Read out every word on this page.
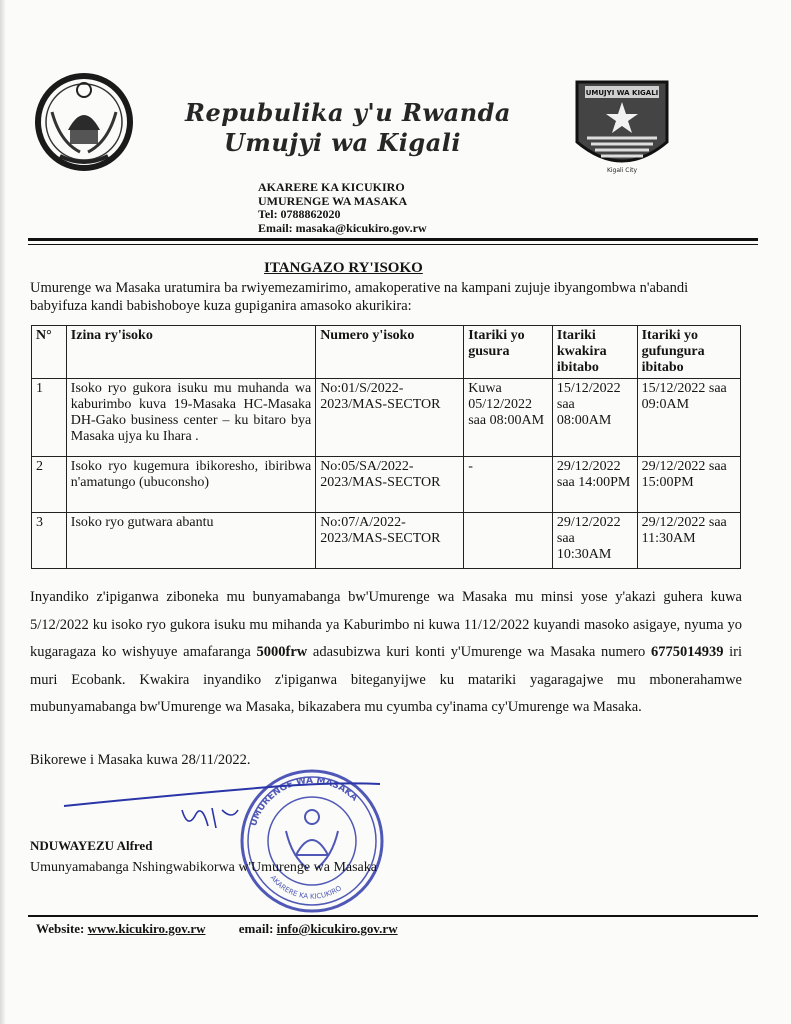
Repubulika y'u Rwanda
Umujyi wa Kigali
UMUJYI WA KIGALI
Kigali City
AKARERE KA KICUKIRO
UMURENGE WA MASAKA
Tel: 0788862020
Email: masaka@kicukiro.gov.rw
ITANGAZO RY'ISOKO
Umurenge wa Masaka uratumira ba rwiyemezamirimo, amakoperative na kampani zujuje ibyangombwa n'abandi babyifuza kandi babishoboye kuza gupiganira amasoko akurikira:
N°	Izina ry'isoko	Numero y'isoko	Itariki yo gusura	Itariki kwakira ibitabo	Itariki yo gufungura ibitabo
1	Isoko ryo gukora isuku mu muhanda wa kaburimbo kuva 19-Masaka HC-Masaka DH-Gako business center – ku bitaro bya Masaka ujya ku Ihara .	No:01/S/2022-2023/MAS-SECTOR	Kuwa 05/12/2022 saa 08:00AM	15/12/2022 saa 08:00AM	15/12/2022 saa 09:0AM
2	Isoko ryo kugemura ibikoresho, ibiribwa n'amatungo (ubuconsho)	No:05/SA/2022-2023/MAS-SECTOR	-	29/12/2022 saa 14:00PM	29/12/2022 saa 15:00PM
3	Isoko ryo gutwara abantu	No:07/A/2022-2023/MAS-SECTOR		29/12/2022 saa 10:30AM	29/12/2022 saa 11:30AM
Inyandiko z'ipiganwa ziboneka mu bunyamabanga bw'Umurenge wa Masaka mu minsi yose y'akazi guhera kuwa 5/12/2022 ku isoko ryo gukora isuku mu mihanda ya Kaburimbo ni kuwa 11/12/2022 kuyandi masoko asigaye, nyuma yo kugaragaza ko wishyuye amafaranga 5000frw adasubizwa kuri konti y'Umurenge wa Masaka numero 6775014939 iri muri Ecobank. Kwakira inyandiko z'ipiganwa biteganyijwe ku matariki yagaragajwe mu mbonerahamwe mubunyamabanga bw'Umurenge wa Masaka, bikazabera mu cyumba cy'inama cy'Umurenge wa Masaka.
Bikorewe i Masaka kuwa 28/11/2022.
UMURENGE WA MASAKA
AKARERE KA KICUKIRO
NDUWAYEZU Alfred
Umunyamabanga Nshingwabikorwa w'Umurenge wa Masaka
Website: www.kicukiro.gov.rw	email: info@kicukiro.gov.rw
